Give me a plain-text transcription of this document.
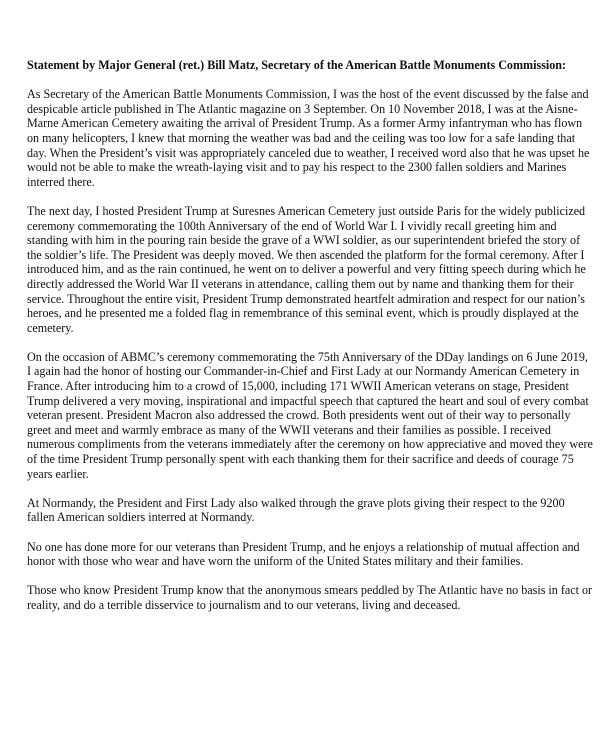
Statement by Major General (ret.) Bill Matz, Secretary of the American Battle Monuments Commission:

As Secretary of the American Battle Monuments Commission, I was the host of the event discussed by the false and despicable article published in The Atlantic magazine on 3 September. On 10 November 2018, I was at the Aisne-Marne American Cemetery awaiting the arrival of President Trump. As a former Army infantryman who has flown on many helicopters, I knew that morning the weather was bad and the ceiling was too low for a safe landing that day. When the President’s visit was appropriately canceled due to weather, I received word also that he was upset he would not be able to make the wreath-laying visit and to pay his respect to the 2300 fallen soldiers and Marines interred there.

The next day, I hosted President Trump at Suresnes American Cemetery just outside Paris for the widely publicized ceremony commemorating the 100th Anniversary of the end of World War I. I vividly recall greeting him and standing with him in the pouring rain beside the grave of a WWI soldier, as our superintendent briefed the story of the soldier’s life. The President was deeply moved. We then ascended the platform for the formal ceremony. After I introduced him, and as the rain continued, he went on to deliver a powerful and very fitting speech during which he directly addressed the World War II veterans in attendance, calling them out by name and thanking them for their service. Throughout the entire visit, President Trump demonstrated heartfelt admiration and respect for our nation’s heroes, and he presented me a folded flag in remembrance of this seminal event, which is proudly displayed at the cemetery.

On the occasion of ABMC’s ceremony commemorating the 75th Anniversary of the DDay landings on 6 June 2019, I again had the honor of hosting our Commander-in-Chief and First Lady at our Normandy American Cemetery in France. After introducing him to a crowd of 15,000, including 171 WWII American veterans on stage, President Trump delivered a very moving, inspirational and impactful speech that captured the heart and soul of every combat veteran present. President Macron also addressed the crowd. Both presidents went out of their way to personally greet and meet and warmly embrace as many of the WWII veterans and their families as possible. I received numerous compliments from the veterans immediately after the ceremony on how appreciative and moved they were of the time President Trump personally spent with each thanking them for their sacrifice and deeds of courage 75 years earlier.

At Normandy, the President and First Lady also walked through the grave plots giving their respect to the 9200 fallen American soldiers interred at Normandy.

No one has done more for our veterans than President Trump, and he enjoys a relationship of mutual affection and honor with those who wear and have worn the uniform of the United States military and their families.

Those who know President Trump know that the anonymous smears peddled by The Atlantic have no basis in fact or reality, and do a terrible disservice to journalism and to our veterans, living and deceased.
